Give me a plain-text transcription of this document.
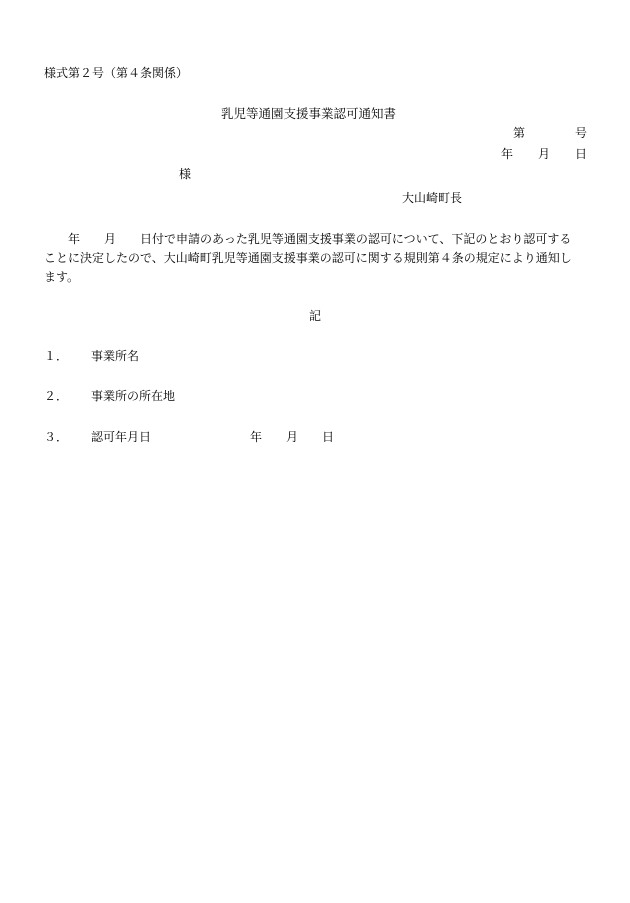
様式第２号（第４条関係）
乳児等通園支援事業認可通知書
第	号
年 月 日
様
大山崎町長
年　　月　　日付で申請のあった乳児等通園支援事業の認可について、下記のとおり認可する
ことに決定したので、大山崎町乳児等通園支援事業の認可に関する規則第４条の規定により通知し
ます。
記
１． 事業所名
２． 事業所の所在地
３． 認可年月日	年　　月　　日
